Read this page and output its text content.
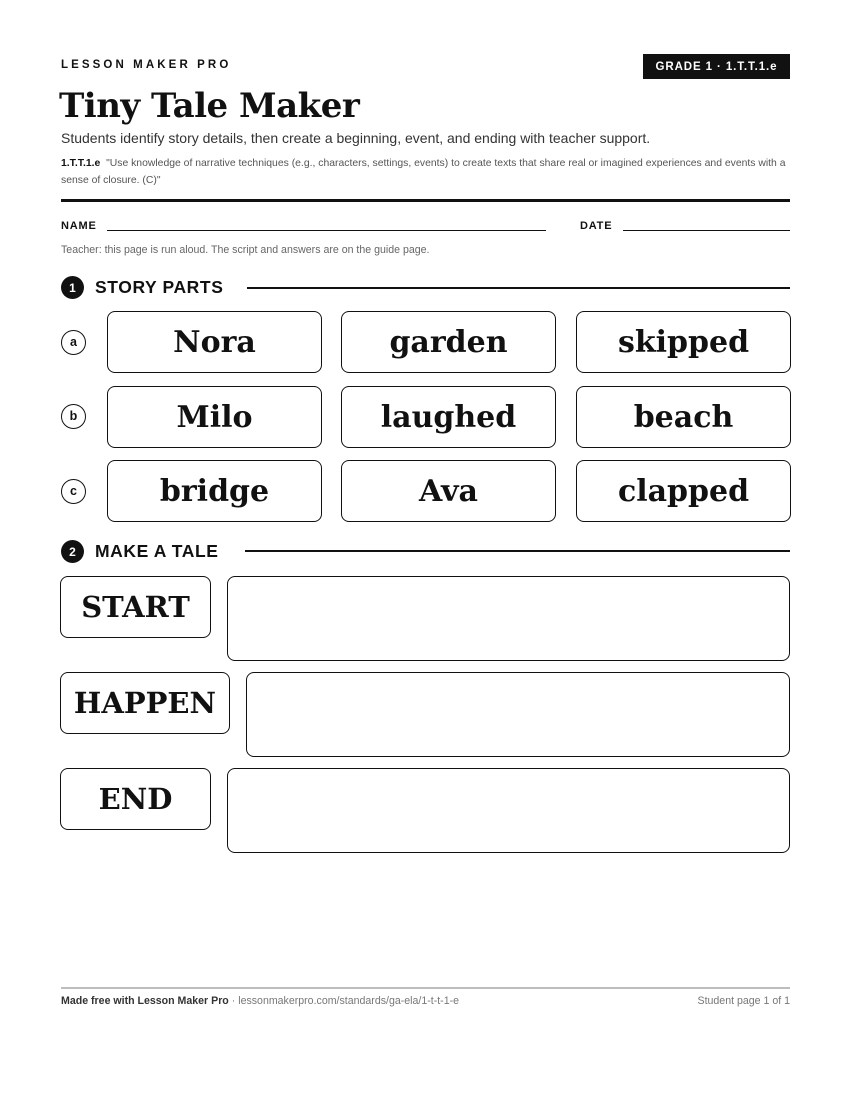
LESSON MAKER PRO	GRADE 1 · 1.T.T.1.e
Tiny Tale Maker
Students identify story details, then create a beginning, event, and ending with teacher support.
1.T.T.1.e "Use knowledge of narrative techniques (e.g., characters, settings, events) to create texts that share real or imagined experiences and events with a sense of closure. (C)"
NAME	DATE
Teacher: this page is run aloud. The script and answers are on the guide page.
1	STORY PARTS
a	Nora	garden	skipped
b	Milo	laughed	beach
c	bridge	Ava	clapped
2	MAKE A TALE
START
HAPPEN
END
Made free with Lesson Maker Pro · lessonmakerpro.com/standards/ga-ela/1-t-t-1-e	Student page 1 of 1
